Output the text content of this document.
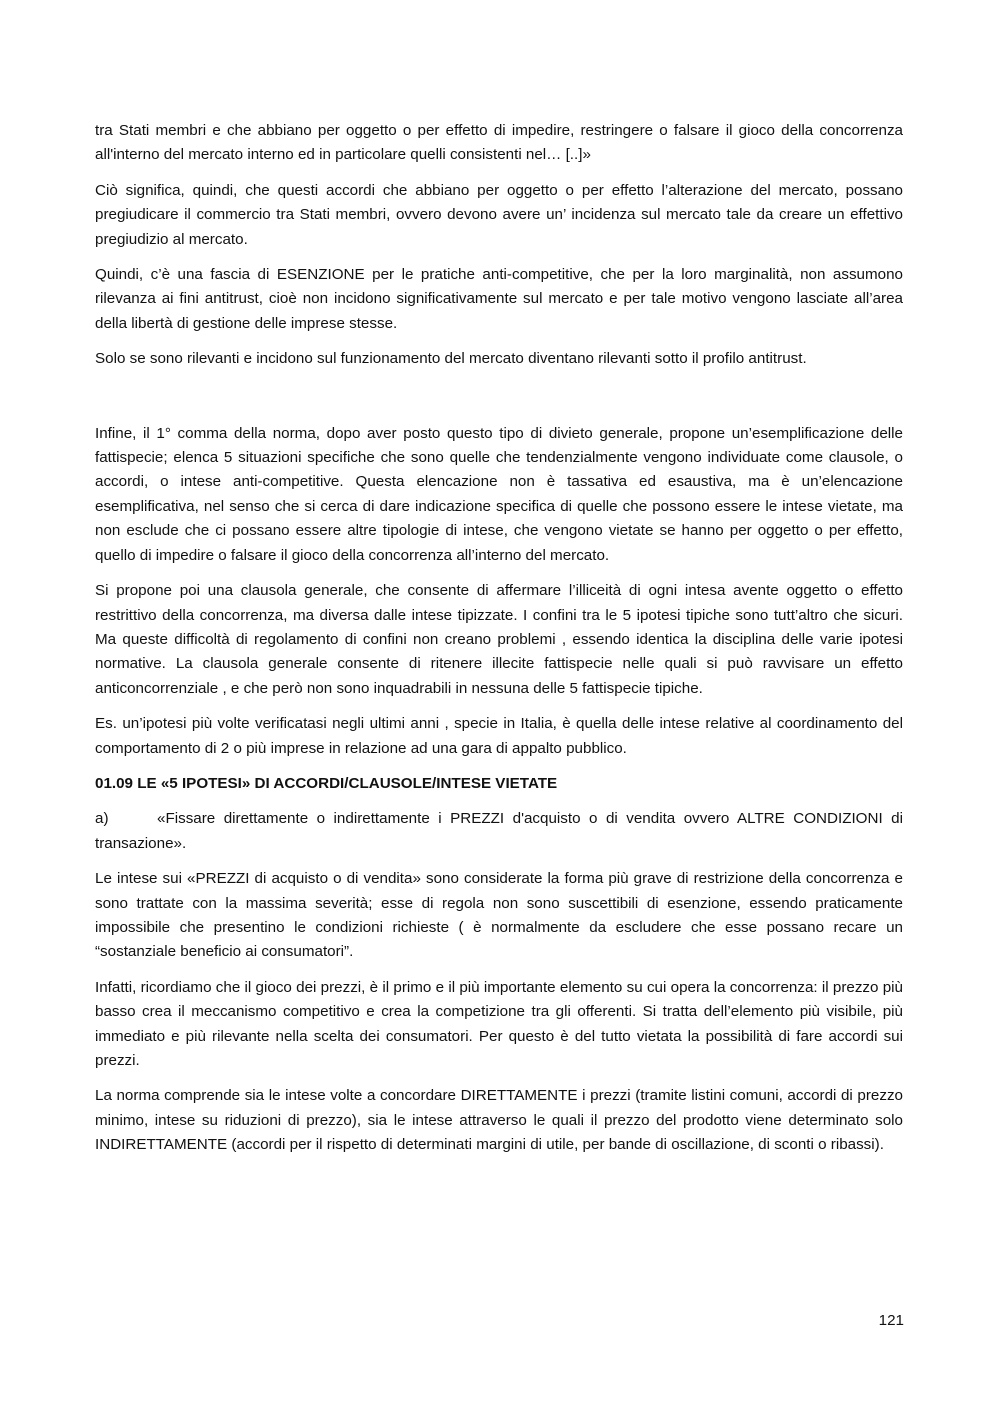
tra Stati membri e che abbiano per oggetto o per effetto di impedire, restringere o falsare il gioco della concorrenza all'interno del mercato interno ed in particolare quelli consistenti nel… [..]»

Ciò significa, quindi, che questi accordi che abbiano per oggetto o per effetto l’alterazione del mercato, possano pregiudicare il commercio tra Stati membri, ovvero devono avere un’ incidenza sul mercato tale da creare un effettivo pregiudizio al mercato.

Quindi, c’è una fascia di ESENZIONE per le pratiche anti-competitive, che per la loro marginalità, non assumono rilevanza ai fini antitrust, cioè non incidono significativamente sul mercato e per tale motivo vengono lasciate all’area della libertà di gestione delle imprese stesse.

Solo se sono rilevanti e incidono sul funzionamento del mercato diventano rilevanti sotto il profilo antitrust.

Infine, il 1° comma della norma, dopo aver posto questo tipo di divieto generale, propone un’esemplificazione delle fattispecie; elenca 5 situazioni specifiche che sono quelle che tendenzialmente vengono individuate come clausole, o accordi, o intese anti-competitive. Questa elencazione non è tassativa ed esaustiva, ma è un’elencazione esemplificativa, nel senso che si cerca di dare indicazione specifica di quelle che possono essere le intese vietate, ma non esclude che ci possano essere altre tipologie di intese, che vengono vietate se hanno per oggetto o per effetto, quello di impedire o falsare il gioco della concorrenza all’interno del mercato.

Si propone poi una clausola generale, che consente di affermare l’illiceità di ogni intesa avente oggetto o effetto restrittivo della concorrenza, ma diversa dalle intese tipizzate. I confini tra le 5 ipotesi tipiche sono tutt’altro che sicuri. Ma queste difficoltà di regolamento di confini non creano problemi , essendo identica la disciplina delle varie ipotesi normative. La clausola generale consente di ritenere illecite fattispecie nelle quali si può ravvisare un effetto anticoncorrenziale , e che però non sono inquadrabili in nessuna delle 5 fattispecie tipiche.

Es. un’ipotesi più volte verificatasi negli ultimi anni , specie in Italia, è quella delle intese relative al coordinamento del comportamento di 2 o più imprese in relazione ad una gara di appalto pubblico.

01.09 LE «5 IPOTESI» DI ACCORDI/CLAUSOLE/INTESE VIETATE

a)	«Fissare direttamente o indirettamente i PREZZI d'acquisto o di vendita ovvero ALTRE CONDIZIONI di transazione».

Le intese sui «PREZZI di acquisto o di vendita» sono considerate la forma più grave di restrizione della concorrenza e sono trattate con la massima severità; esse di regola non sono suscettibili di esenzione, essendo praticamente impossibile che presentino le condizioni richieste ( è normalmente da escludere che esse possano recare un “sostanziale beneficio ai consumatori”.

Infatti, ricordiamo che il gioco dei prezzi, è il primo e il più importante elemento su cui opera la concorrenza: il prezzo più basso crea il meccanismo competitivo e crea la competizione tra gli offerenti. Si tratta dell’elemento più visibile, più immediato e più rilevante nella scelta dei consumatori. Per questo è del tutto vietata la possibilità di fare accordi sui prezzi.

La norma comprende sia le intese volte a concordare DIRETTAMENTE i prezzi (tramite listini comuni, accordi di prezzo minimo, intese su riduzioni di prezzo), sia le intese attraverso le quali il prezzo del prodotto viene determinato solo INDIRETTAMENTE (accordi per il rispetto di determinati margini di utile, per bande di oscillazione, di sconti o ribassi).

121
